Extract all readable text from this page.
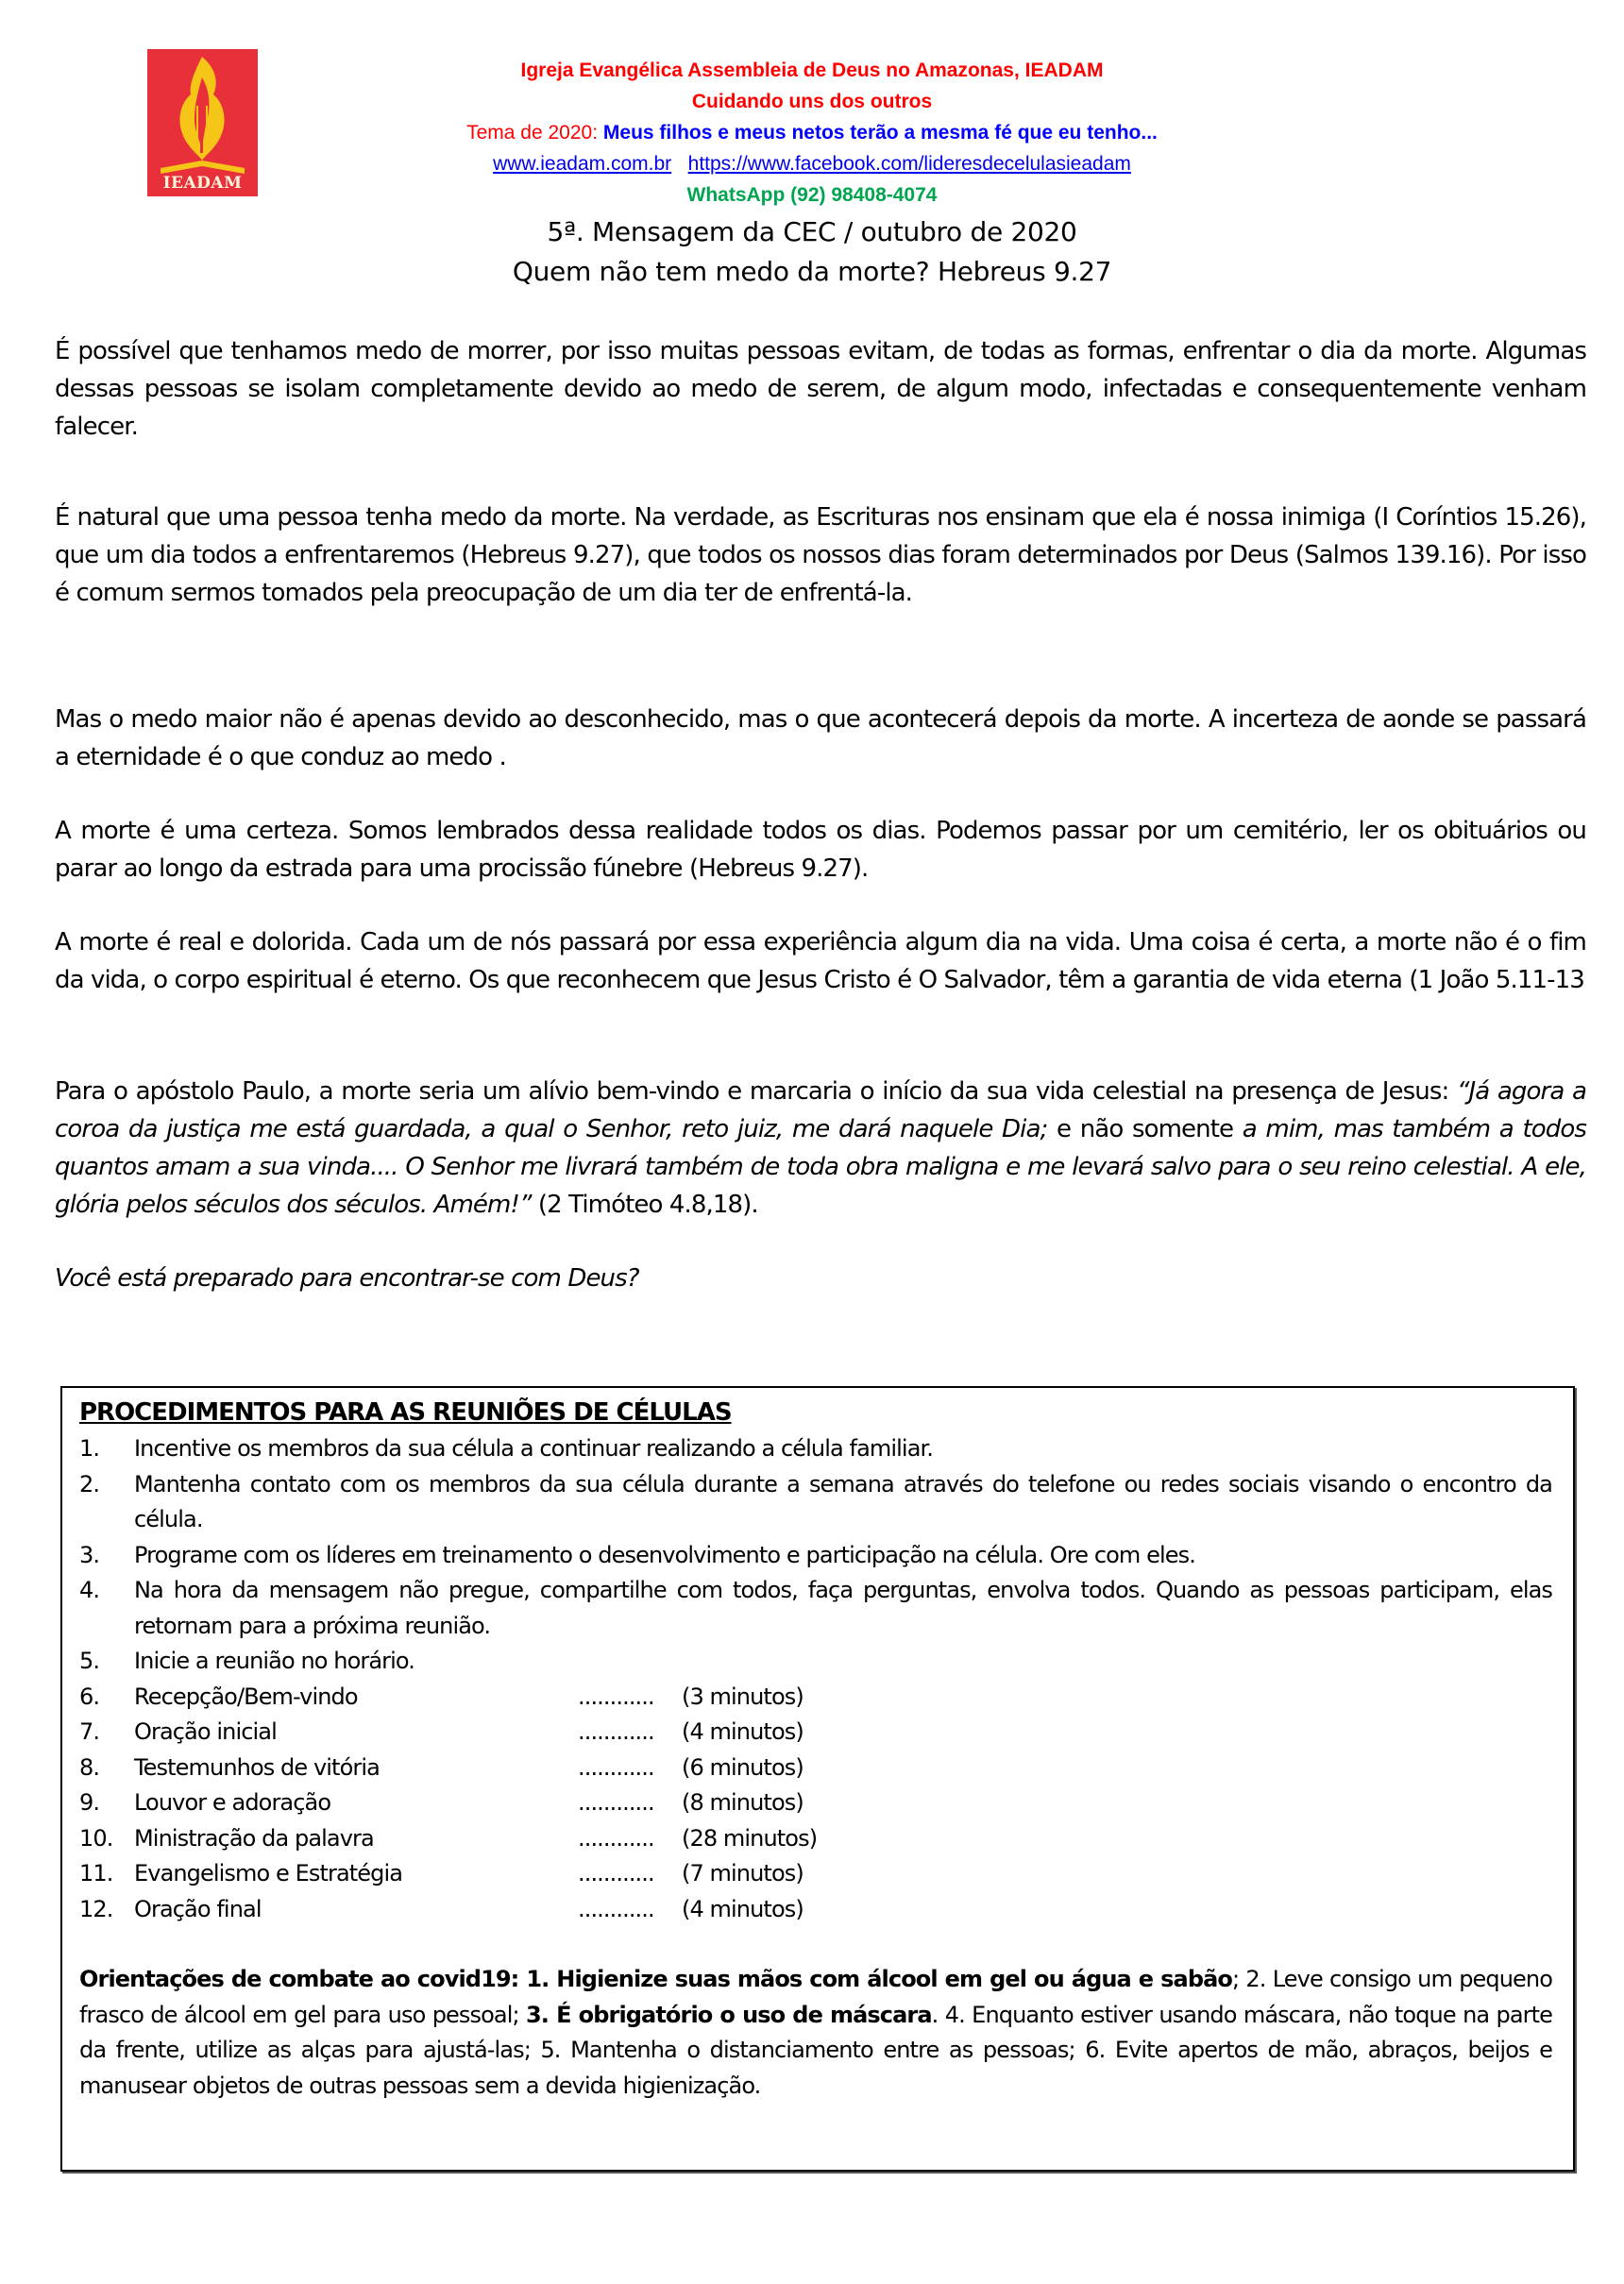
IEADAM
Igreja Evangélica Assembleia de Deus no Amazonas, IEADAM
Cuidando uns dos outros
Tema de 2020: Meus filhos e meus netos terão a mesma fé que eu tenho...
www.ieadam.com.br https://www.facebook.com/lideresdecelulasieadam
WhatsApp (92) 98408-4074
5ª. Mensagem da CEC / outubro de 2020
Quem não tem medo da morte? Hebreus 9.27

É possível que tenhamos medo de morrer, por isso muitas pessoas evitam, de todas as formas, enfrentar o dia da morte. Algumas dessas pessoas se isolam completamente devido ao medo de serem, de algum modo, infectadas e consequentemente venham falecer.

É natural que uma pessoa tenha medo da morte. Na verdade, as Escrituras nos ensinam que ela é nossa inimiga (I Coríntios 15.26), que um dia todos a enfrentaremos (Hebreus 9.27), que todos os nossos dias foram determinados por Deus (Salmos 139.16). Por isso é comum sermos tomados pela preocupação de um dia ter de enfrentá-la.

Mas o medo maior não é apenas devido ao desconhecido, mas o que acontecerá depois da morte. A incerteza de aonde se passará a eternidade é o que conduz ao medo .

A morte é uma certeza. Somos lembrados dessa realidade todos os dias. Podemos passar por um cemitério, ler os obituários ou parar ao longo da estrada para uma procissão fúnebre (Hebreus 9.27).

A morte é real e dolorida. Cada um de nós passará por essa experiência algum dia na vida. Uma coisa é certa, a morte não é o fim da vida, o corpo espiritual é eterno. Os que reconhecem que Jesus Cristo é O Salvador, têm a garantia de vida eterna (1 João 5.11-13

Para o apóstolo Paulo, a morte seria um alívio bem-vindo e marcaria o início da sua vida celestial na presença de Jesus: “Já agora a coroa da justiça me está guardada, a qual o Senhor, reto juiz, me dará naquele Dia; e não somente a mim, mas também a todos quantos amam a sua vinda.... O Senhor me livrará também de toda obra maligna e me levará salvo para o seu reino celestial. A ele, glória pelos séculos dos séculos. Amém!” (2 Timóteo 4.8,18).

Você está preparado para encontrar-se com Deus?

PROCEDIMENTOS PARA AS REUNIÕES DE CÉLULAS
1.	Incentive os membros da sua célula a continuar realizando a célula familiar.
2.	Mantenha contato com os membros da sua célula durante a semana através do telefone ou redes sociais visando o encontro da célula.
3.	Programe com os líderes em treinamento o desenvolvimento e participação na célula. Ore com eles.
4.	Na hora da mensagem não pregue, compartilhe com todos, faça perguntas, envolva todos. Quando as pessoas participam, elas retornam para a próxima reunião.
5.	Inicie a reunião no horário.
6.	Recepção/Bem-vindo	............	(3 minutos)
7.	Oração inicial	............	(4 minutos)
8.	Testemunhos de vitória	............	(6 minutos)
9.	Louvor e adoração	............	(8 minutos)
10. Ministração da palavra	............	(28 minutos)
11. Evangelismo e Estratégia	............	(7 minutos)
12. Oração final	............	(4 minutos)
Orientações de combate ao covid19: 1. Higienize suas mãos com álcool em gel ou água e sabão; 2. Leve consigo um pequeno frasco de álcool em gel para uso pessoal; 3. É obrigatório o uso de máscara. 4. Enquanto estiver usando máscara, não toque na parte da frente, utilize as alças para ajustá-las; 5. Mantenha o distanciamento entre as pessoas; 6. Evite apertos de mão, abraços, beijos e manusear objetos de outras pessoas sem a devida higienização.
